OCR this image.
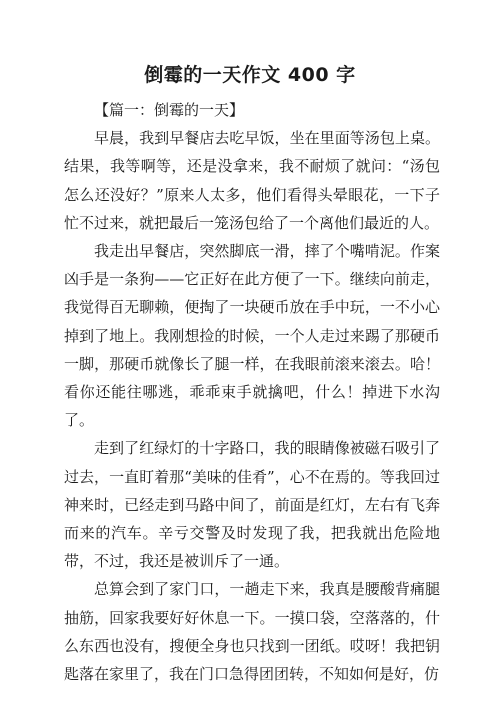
倒霉的一天作文 400 字

【篇一：倒霉的一天】

早晨，我到早餐店去吃早饭，坐在里面等汤包上桌。结果，我等啊等，还是没拿来，我不耐烦了就问：“汤包怎么还没好？”原来人太多，他们看得头晕眼花，一下子忙不过来，就把最后一笼汤包给了一个离他们最近的人。

我走出早餐店，突然脚底一滑，摔了个嘴啃泥。作案凶手是一条狗——它正好在此方便了一下。继续向前走，我觉得百无聊赖，便掏了一块硬币放在手中玩，一不小心掉到了地上。我刚想捡的时候，一个人走过来踢了那硬币一脚，那硬币就像长了腿一样，在我眼前滚来滚去。哈！看你还能往哪逃，乖乖束手就擒吧，什么！掉进下水沟了。

走到了红绿灯的十字路口，我的眼睛像被磁石吸引了过去，一直盯着那“美味的佳肴”，心不在焉的。等我回过神来时，已经走到马路中间了，前面是红灯，左右有飞奔而来的汽车。辛亏交警及时发现了我，把我就出危险地带，不过，我还是被训斥了一通。

总算会到了家门口，一趟走下来，我真是腰酸背痛腿抽筋，回家我要好好休息一下。一摸口袋，空落落的，什么东西也没有，搜便全身也只找到一团纸。哎呀！我把钥匙落在家里了，我在门口急得团团转，不知如何是好，仿
